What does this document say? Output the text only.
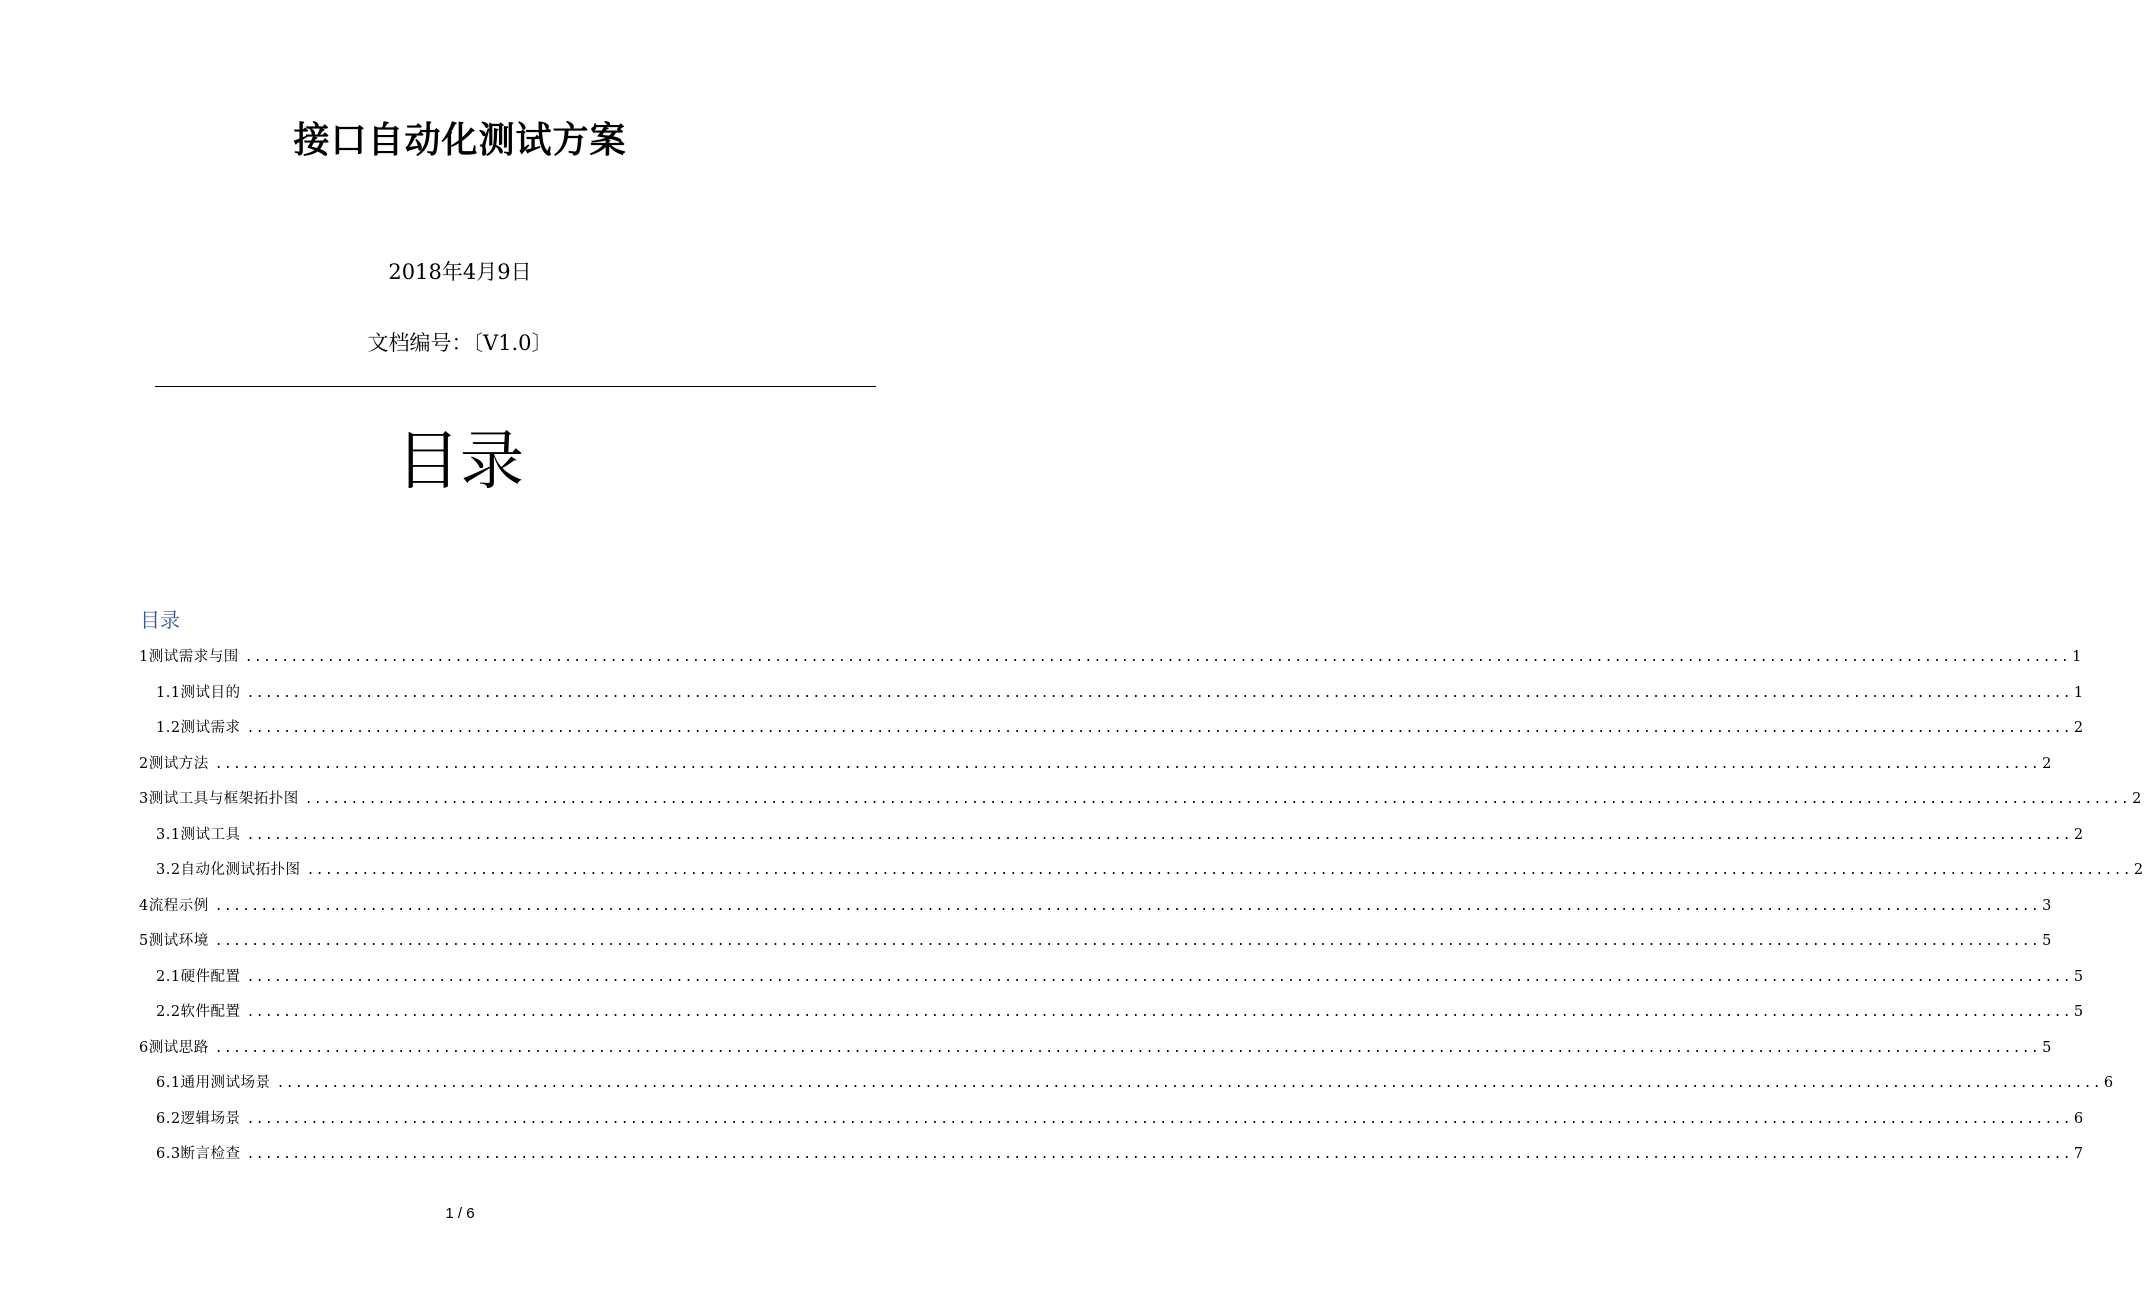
接口自动化测试方案
2018年4月9日
文档编号：〔V1.0〕
目录
目录
1测试需求与围 ........................................................................................................................................................................................................ 1
1.1测试目的 ........................................................................................................................................................................................................ 1
1.2测试需求 ........................................................................................................................................................................................................ 2
2测试方法 ........................................................................................................................................................................................................ 2
3测试工具与框架拓扑图 ........................................................................................................................................................................................................ 2
3.1测试工具 ........................................................................................................................................................................................................ 2
3.2自动化测试拓扑图 ........................................................................................................................................................................................................ 2
4流程示例 ........................................................................................................................................................................................................ 3
5测试环境 ........................................................................................................................................................................................................ 5
2.1硬件配置 ........................................................................................................................................................................................................ 5
2.2软件配置 ........................................................................................................................................................................................................ 5
6测试思路 ........................................................................................................................................................................................................ 5
6.1通用测试场景 ........................................................................................................................................................................................................ 6
6.2逻辑场景 ........................................................................................................................................................................................................ 6
6.3断言检查 ........................................................................................................................................................................................................ 7
1 / 6
